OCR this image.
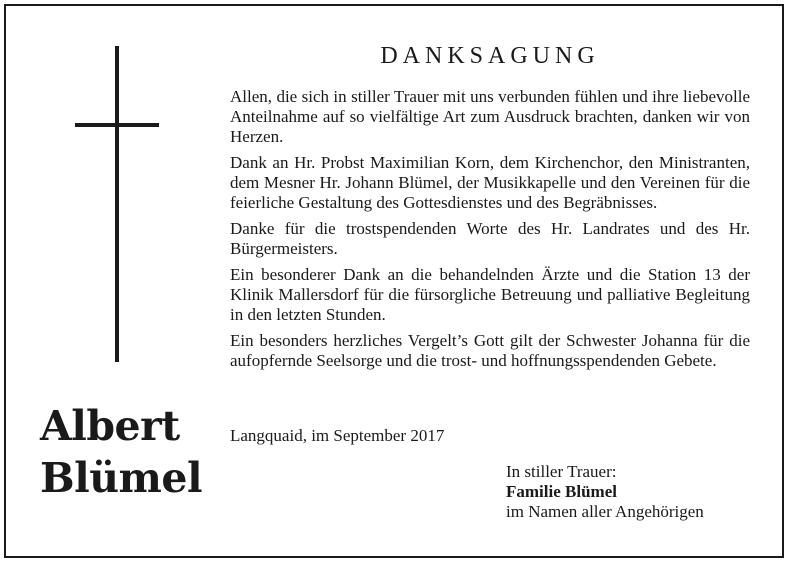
Albert
Blümel
DANKSAGUNG

Allen, die sich in stiller Trauer mit uns verbunden fühlen und ihre liebevolle Anteilnahme auf so vielfältige Art zum Ausdruck brachten, danken wir von Herzen.

Dank an Hr. Probst Maximilian Korn, dem Kirchenchor, den Ministranten, dem Mesner Hr. Johann Blümel, der Musikkapelle und den Vereinen für die feierliche Gestaltung des Gottesdienstes und des Begräbnisses.

Danke für die trostspendenden Worte des Hr. Landrates und des Hr. Bürgermeisters.

Ein besonderer Dank an die behandelnden Ärzte und die Station 13 der Klinik Mallersdorf für die fürsorgliche Betreuung und palliative Begleitung in den letzten Stunden.

Ein besonders herzliches Vergelt’s Gott gilt der Schwester Johanna für die aufopfernde Seelsorge und die trost- und hoffnungsspendenden Gebete.

Langquaid, im September 2017
In stiller Trauer:
Familie Blümel
im Namen aller Angehörigen
